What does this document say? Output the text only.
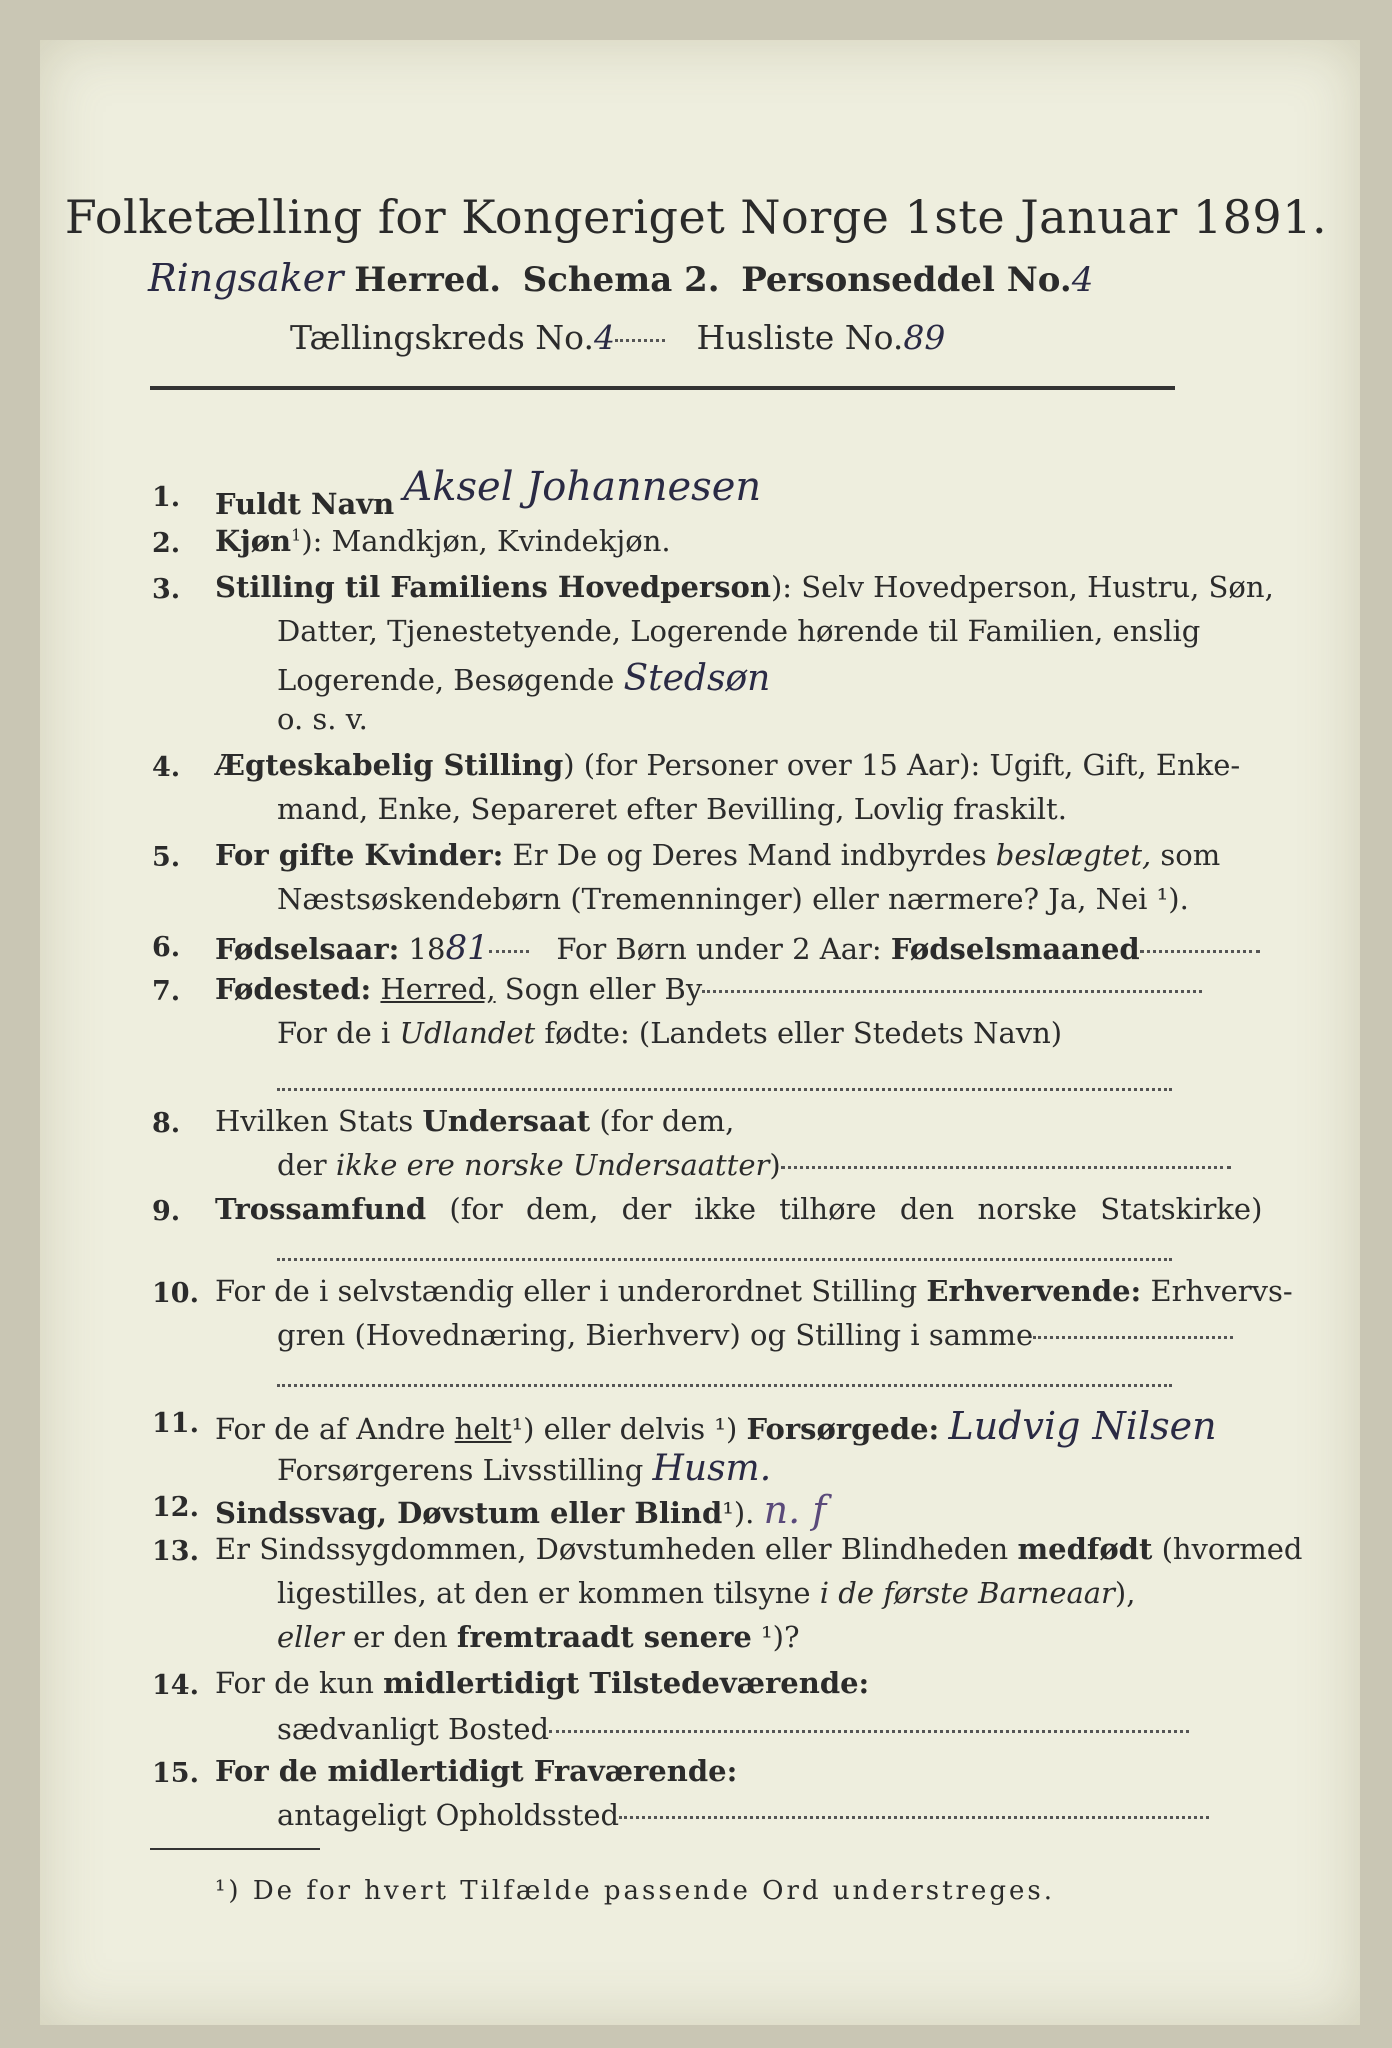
Folketælling for Kongeriget Norge 1ste Januar 1891.
Ringsaker Herred. Schema 2. Personseddel No.4
Tællingskreds No.4 Husliste No.89
1. Fuldt Navn Aksel Johannesen
2. Kjøn$^1$): Mandkjøn, Kvindekjøn.
3. Stilling til Familiens Hovedperson): Selv Hovedperson, Hustru, Søn,
Datter, Tjenestetyende, Logerende hørende til Familien, enslig
Logerende, Besøgende Stedsøn
o. s. v.
4. Ægteskabelig Stilling) (for Personer over 15 Aar): Ugift, Gift, Enke-
mand, Enke, Separeret efter Bevilling, Lovlig fraskilt.
5. For gifte Kvinder: Er De og Deres Mand indbyrdes beslægtet, som
Næstsøskendebørn (Tremenninger) eller nærmere? Ja, Nei ¹).
6. Fødselsaar: 1881 For Børn under 2 Aar: Fødselsmaaned
7. Fødested: Herred, Sogn eller By
For de i Udlandet fødte: (Landets eller Stedets Navn)
8. Hvilken Stats Undersaat (for dem,
der ikke ere norske Undersaatter)
9. Trossamfund (for dem, der ikke tilhøre den norske Statskirke)
10. For de i selvstændig eller i underordnet Stilling Erhvervende: Erhvervs-
gren (Hovednæring, Bierhverv) og Stilling i samme
11. For de af Andre helt¹) eller delvis ¹) Forsørgede: Ludvig Nilsen
Forsørgerens Livsstilling Husm.
12. Sindssvag, Døvstum eller Blind¹). n. f
13. Er Sindssygdommen, Døvstumheden eller Blindheden medfødt (hvormed
ligestilles, at den er kommen tilsyne i de første Barneaar),
eller er den fremtraadt senere ¹)?
14. For de kun midlertidigt Tilstedeværende:
sædvanligt Bosted
15. For de midlertidigt Fraværende:
antageligt Opholdssted
¹) De for hvert Tilfælde passende Ord understreges.
